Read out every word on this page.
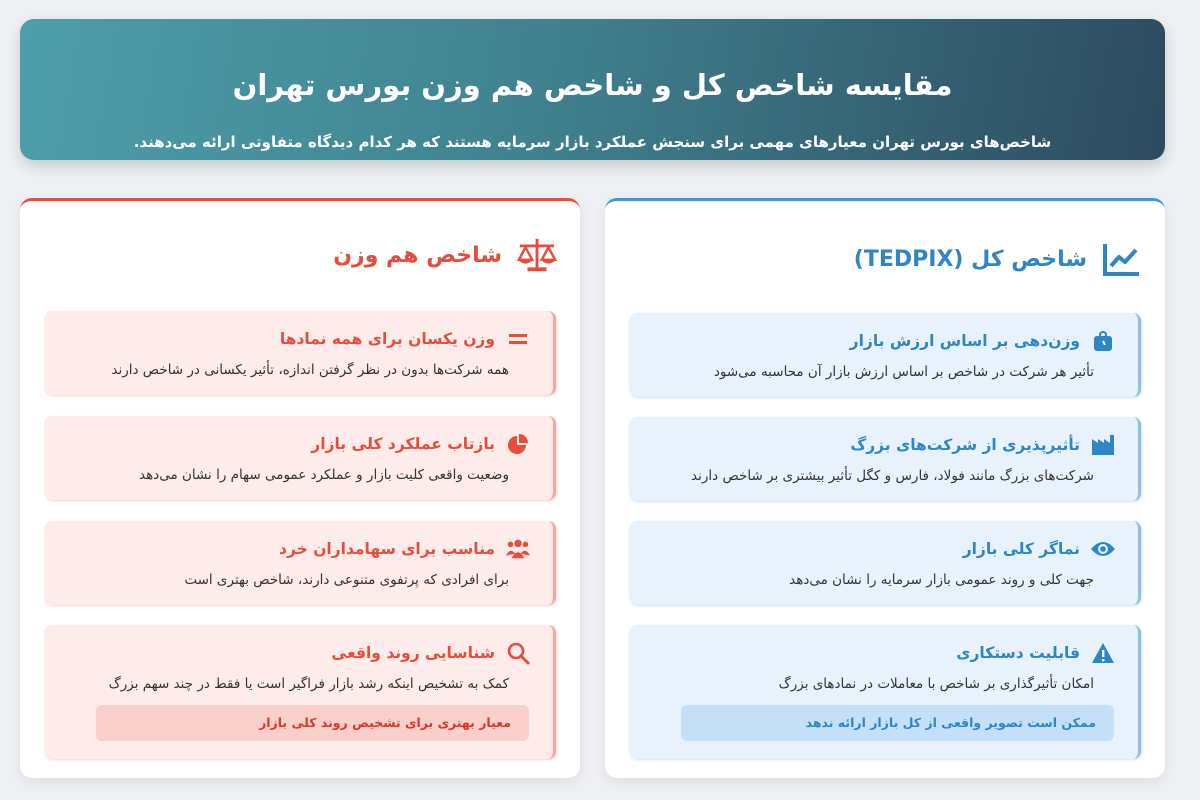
مقایسه شاخص کل و شاخص هم وزن بورس تهران

شاخص‌های بورس تهران معیارهای مهمی برای سنجش عملکرد بازار سرمایه هستند که هر کدام دیدگاه متفاوتی ارائه می‌دهند.

شاخص کل (TEDPIX)
وزن‌دهی بر اساس ارزش بازار
تأثیر هر شرکت در شاخص بر اساس ارزش بازار آن محاسبه می‌شود
تأثیرپذیری از شرکت‌های بزرگ
شرکت‌های بزرگ مانند فولاد، فارس و کگل تأثیر بیشتری بر شاخص دارند
نماگر کلی بازار
جهت کلی و روند عمومی بازار سرمایه را نشان می‌دهد
قابلیت دستکاری
امکان تأثیرگذاری بر شاخص با معاملات در نمادهای بزرگ
ممکن است تصویر واقعی از کل بازار ارائه ندهد
شاخص هم وزن
وزن یکسان برای همه نمادها
همه شرکت‌ها بدون در نظر گرفتن اندازه، تأثیر یکسانی در شاخص دارند
بازتاب عملکرد کلی بازار
وضعیت واقعی کلیت بازار و عملکرد عمومی سهام را نشان می‌دهد
مناسب برای سهامداران خرد
برای افرادی که پرتفوی متنوعی دارند، شاخص بهتری است
شناسایی روند واقعی
کمک به تشخیص اینکه رشد بازار فراگیر است یا فقط در چند سهم بزرگ
معیار بهتری برای تشخیص روند کلی بازار
